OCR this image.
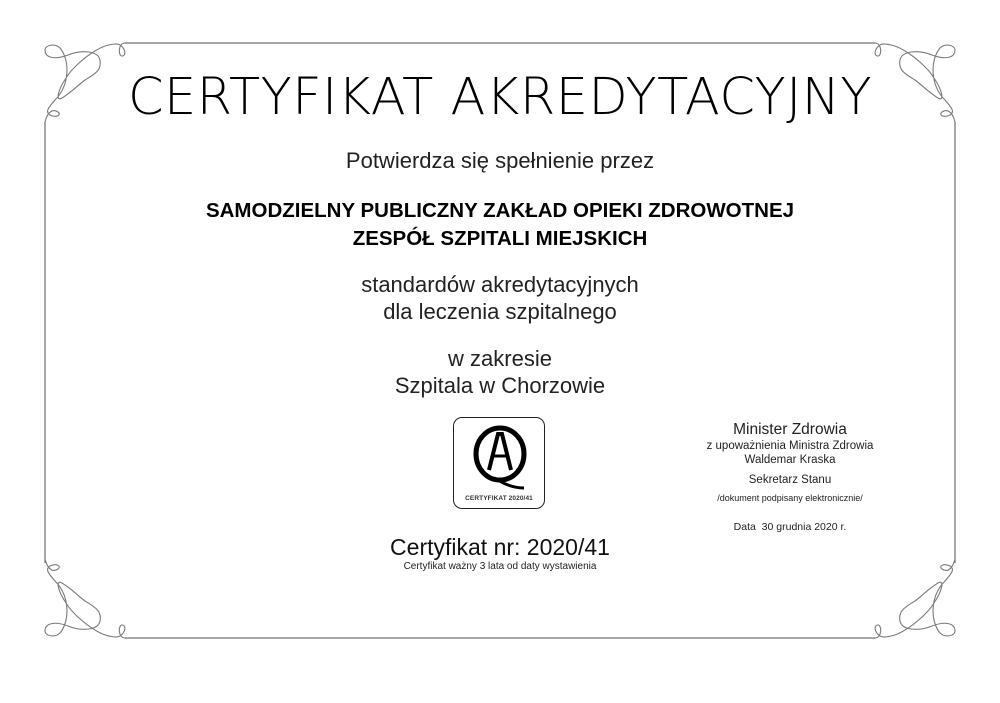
CERTYFIKAT AKREDYTACYJNY
Potwierdza się spełnienie przez
SAMODZIELNY PUBLICZNY ZAKŁAD OPIEKI ZDROWOTNEJ
ZESPÓŁ SZPITALI MIEJSKICH
standardów akredytacyjnych
dla leczenia szpitalnego
w zakresie
Szpitala w Chorzowie
CERTYFIKAT 2020/41
Certyfikat nr: 2020/41
Certyfikat ważny 3 lata od daty wystawienia
Minister Zdrowia
z upoważnienia Ministra Zdrowia
Waldemar Kraska
Sekretarz Stanu
/dokument podpisany elektronicznie/
Data  30 grudnia 2020 r.
